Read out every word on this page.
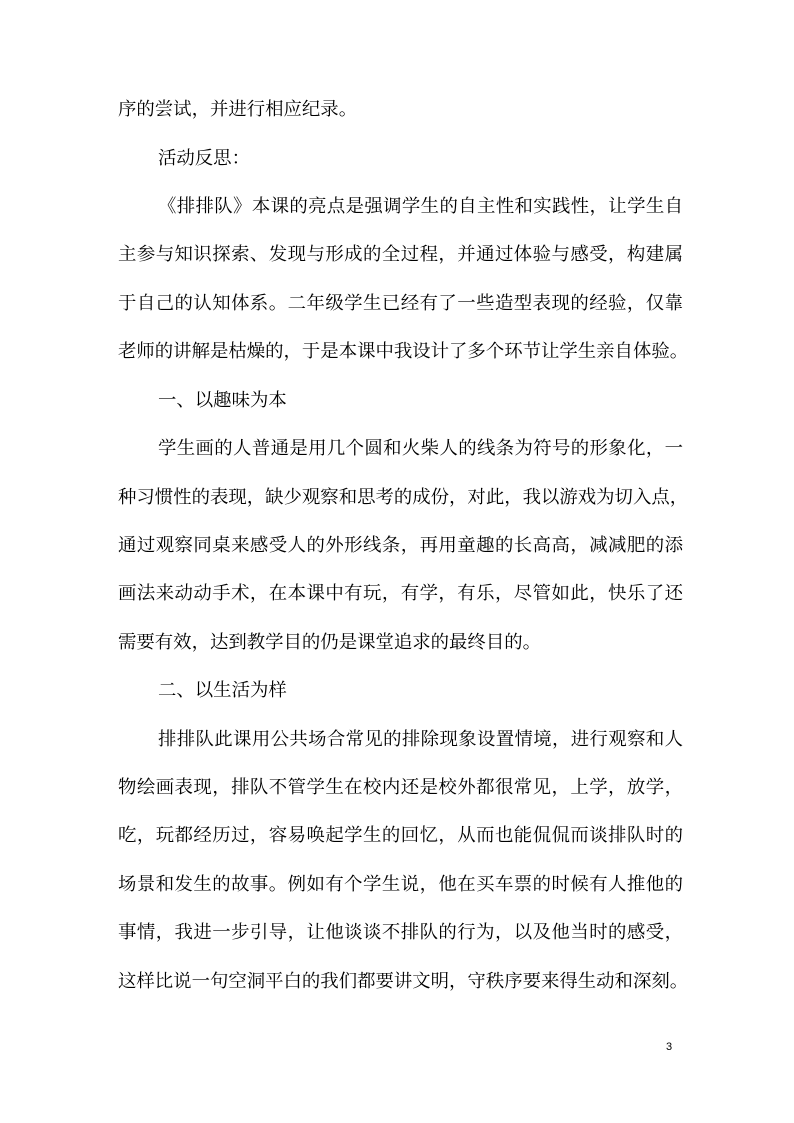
序的尝试，并进行相应纪录。
活动反思：
《排排队》本课的亮点是强调学生的自主性和实践性，让学生自
主参与知识探索、发现与形成的全过程，并通过体验与感受，构建属
于自己的认知体系。二年级学生已经有了一些造型表现的经验，仅靠
老师的讲解是枯燥的，于是本课中我设计了多个环节让学生亲自体验。
一、以趣味为本
学生画的人普通是用几个圆和火柴人的线条为符号的形象化，一
种习惯性的表现，缺少观察和思考的成份，对此，我以游戏为切入点，
通过观察同桌来感受人的外形线条，再用童趣的长高高，减减肥的添
画法来动动手术，在本课中有玩，有学，有乐，尽管如此，快乐了还
需要有效，达到教学目的仍是课堂追求的最终目的。
二、以生活为样
排排队此课用公共场合常见的排除现象设置情境，进行观察和人
物绘画表现，排队不管学生在校内还是校外都很常见，上学，放学，
吃，玩都经历过，容易唤起学生的回忆，从而也能侃侃而谈排队时的
场景和发生的故事。例如有个学生说，他在买车票的时候有人推他的
事情，我进一步引导，让他谈谈不排队的行为，以及他当时的感受，
这样比说一句空洞平白的我们都要讲文明，守秩序要来得生动和深刻。
3
